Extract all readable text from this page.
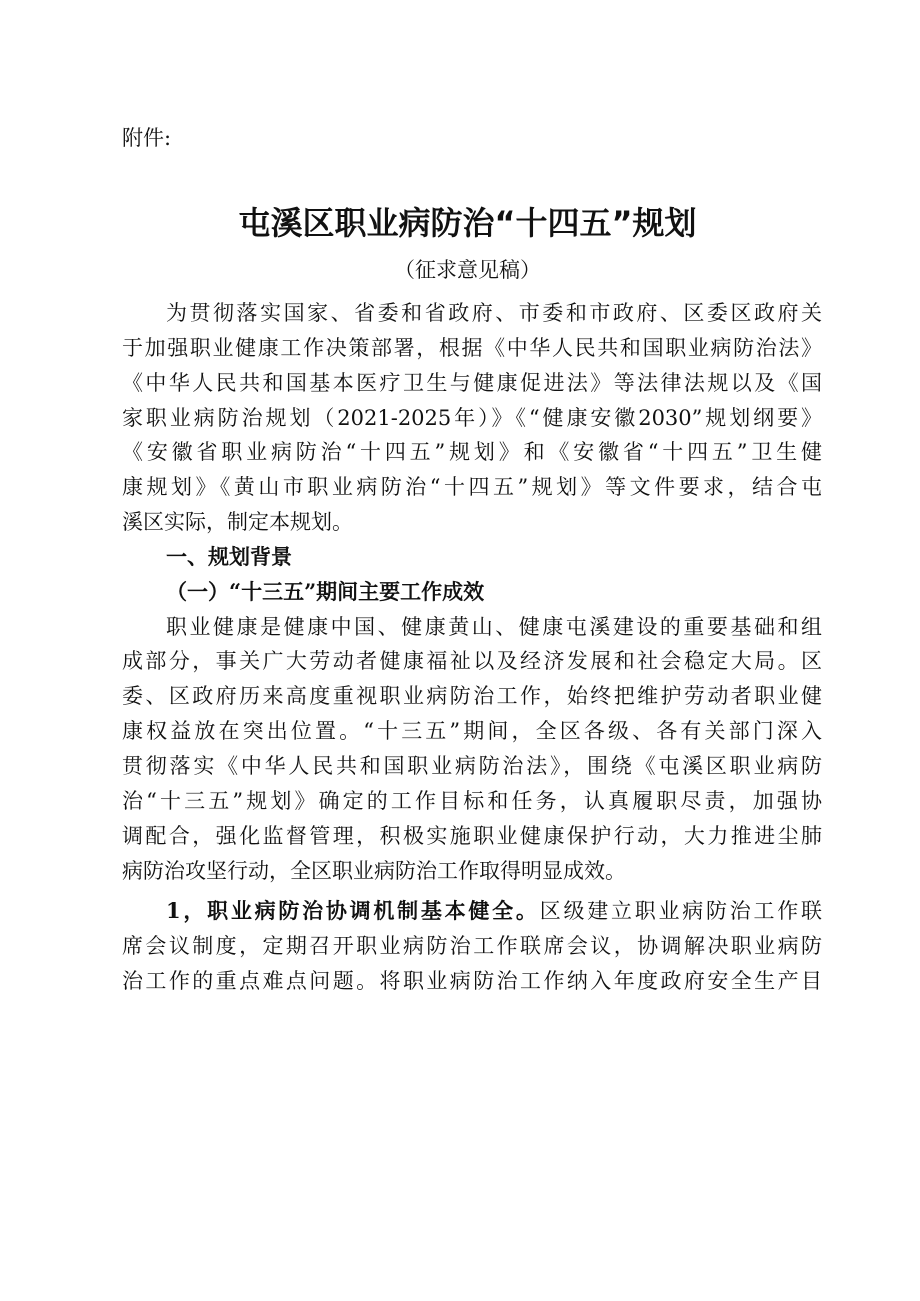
附件:
屯溪区职业病防治“十四五”规划
（征求意见稿）
为贯彻落实国家、省委和省政府、市委和市政府、区委区政府关
于加强职业健康工作决策部署，根据《中华人民共和国职业病防治法》
《中华人民共和国基本医疗卫生与健康促进法》等法律法规以及《国
家职业病防治规划（2021-2025年）》《“健康安徽2030”规划纲要》
《安徽省职业病防治“十四五”规划》和《安徽省“十四五”卫生健
康规划》《黄山市职业病防治“十四五”规划》等文件要求，结合屯
溪区实际，制定本规划。
一、规划背景
（一）“十三五”期间主要工作成效
职业健康是健康中国、健康黄山、健康屯溪建设的重要基础和组
成部分，事关广大劳动者健康福祉以及经济发展和社会稳定大局。区
委、区政府历来高度重视职业病防治工作，始终把维护劳动者职业健
康权益放在突出位置。“十三五”期间，全区各级、各有关部门深入
贯彻落实《中华人民共和国职业病防治法》，围绕《屯溪区职业病防
治“十三五”规划》确定的工作目标和任务，认真履职尽责，加强协
调配合，强化监督管理，积极实施职业健康保护行动，大力推进尘肺
病防治攻坚行动，全区职业病防治工作取得明显成效。
1，职业病防治协调机制基本健全。区级建立职业病防治工作联
席会议制度，定期召开职业病防治工作联席会议，协调解决职业病防
治工作的重点难点问题。将职业病防治工作纳入年度政府安全生产目
